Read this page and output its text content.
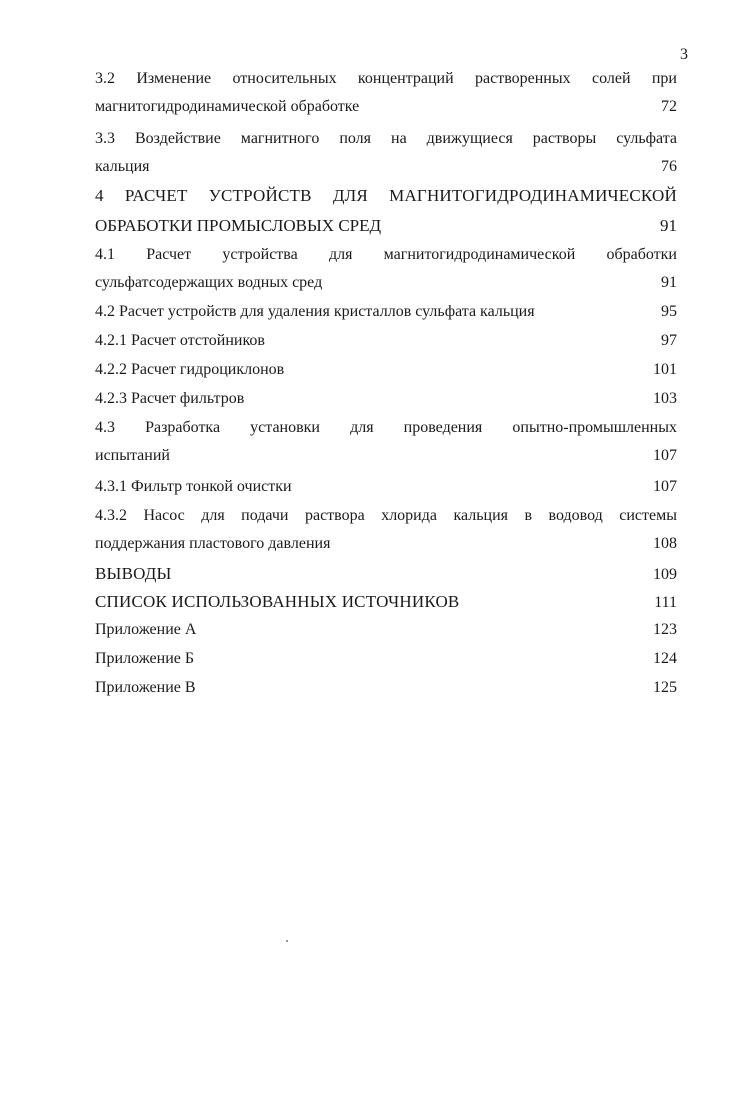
3
3.2 Изменение относительных концентраций растворенных солей при
магнитогидродинамической обработке	72
3.3 Воздействие магнитного поля на движущиеся растворы сульфата
кальция	76
4 РАСЧЕТ УСТРОЙСТВ ДЛЯ МАГНИТОГИДРОДИНАМИЧЕСКОЙ
ОБРАБОТКИ ПРОМЫСЛОВЫХ СРЕД	91
4.1 Расчет устройства для магнитогидродинамической обработки
сульфатсодержащих водных сред	91
4.2 Расчет устройств для удаления кристаллов сульфата кальция	95
4.2.1 Расчет отстойников	97
4.2.2 Расчет гидроциклонов	101
4.2.3 Расчет фильтров	103
4.3 Разработка установки для проведения опытно-промышленных
испытаний	107
4.3.1 Фильтр тонкой очистки	107
4.3.2 Насос для подачи раствора хлорида кальция в водовод системы
поддержания пластового давления	108
ВЫВОДЫ	109
СПИСОК ИСПОЛЬЗОВАННЫХ ИСТОЧНИКОВ	111
Приложение А	123
Приложение Б	124
Приложение В	125
